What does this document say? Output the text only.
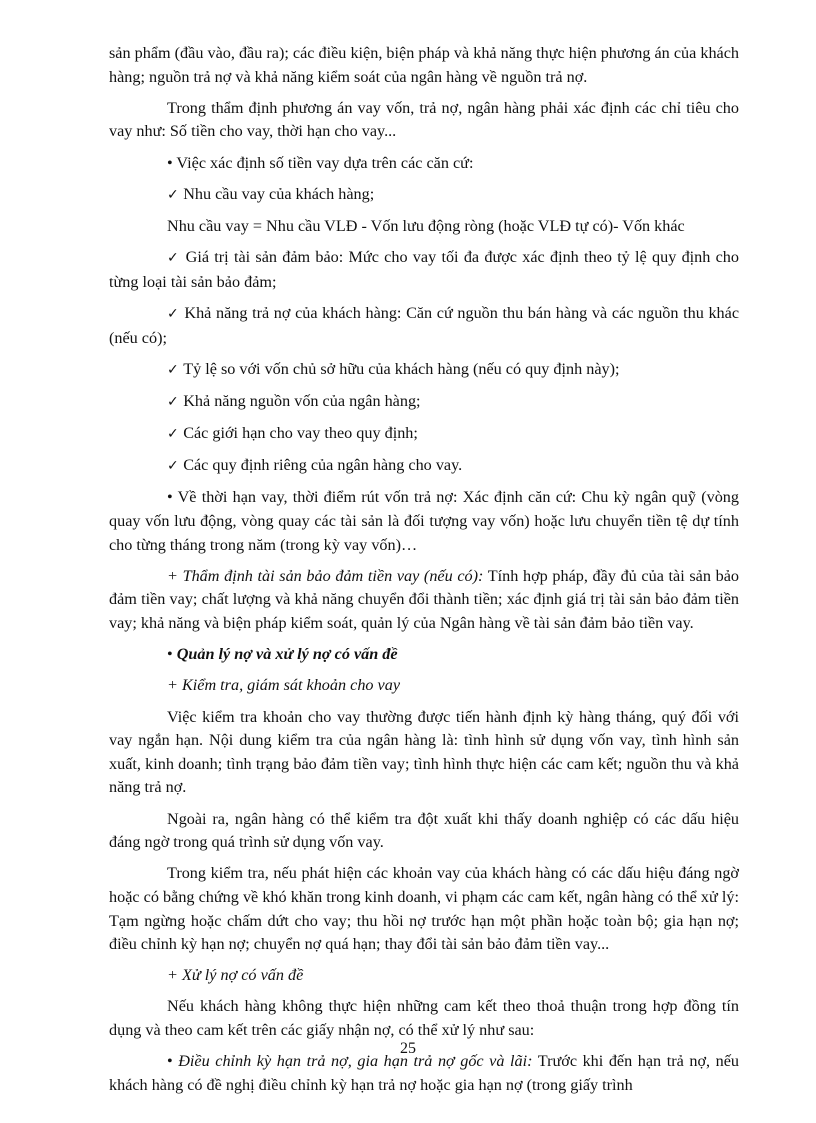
sản phẩm (đầu vào, đầu ra); các điều kiện, biện pháp và khả năng thực hiện phương án của khách hàng; nguồn trả nợ và khả năng kiểm soát của ngân hàng về nguồn trả nợ.

Trong thẩm định phương án vay vốn, trả nợ, ngân hàng phải xác định các chỉ tiêu cho vay như: Số tiền cho vay, thời hạn cho vay...

• Việc xác định số tiền vay dựa trên các căn cứ:

✓ Nhu cầu vay của khách hàng;

Nhu cầu vay = Nhu cầu VLĐ - Vốn lưu động ròng (hoặc VLĐ tự có)- Vốn khác

✓ Giá trị tài sản đảm bảo: Mức cho vay tối đa được xác định theo tỷ lệ quy định cho từng loại tài sản bảo đảm;

✓ Khả năng trả nợ của khách hàng: Căn cứ nguồn thu bán hàng và các nguồn thu khác (nếu có);

✓ Tỷ lệ so với vốn chủ sở hữu của khách hàng (nếu có quy định này);

✓ Khả năng nguồn vốn của ngân hàng;

✓ Các giới hạn cho vay theo quy định;

✓ Các quy định riêng của ngân hàng cho vay.

• Về thời hạn vay, thời điểm rút vốn trả nợ: Xác định căn cứ: Chu kỳ ngân quỹ (vòng quay vốn lưu động, vòng quay các tài sản là đối tượng vay vốn) hoặc lưu chuyển tiền tệ dự tính cho từng tháng trong năm (trong kỳ vay vốn)…

+ Thẩm định tài sản bảo đảm tiền vay (nếu có): Tính hợp pháp, đầy đủ của tài sản bảo đảm tiền vay; chất lượng và khả năng chuyển đổi thành tiền; xác định giá trị tài sản bảo đảm tiền vay; khả năng và biện pháp kiểm soát, quản lý của Ngân hàng về tài sản đảm bảo tiền vay.

• Quản lý nợ và xử lý nợ có vấn đề

+ Kiểm tra, giám sát khoản cho vay

Việc kiểm tra khoản cho vay thường được tiến hành định kỳ hàng tháng, quý đối với vay ngắn hạn. Nội dung kiểm tra của ngân hàng là: tình hình sử dụng vốn vay, tình hình sản xuất, kinh doanh; tình trạng bảo đảm tiền vay; tình hình thực hiện các cam kết; nguồn thu và khả năng trả nợ.

Ngoài ra, ngân hàng có thể kiểm tra đột xuất khi thấy doanh nghiệp có các dấu hiệu đáng ngờ trong quá trình sử dụng vốn vay.

Trong kiểm tra, nếu phát hiện các khoản vay của khách hàng có các dấu hiệu đáng ngờ hoặc có bằng chứng về khó khăn trong kinh doanh, vi phạm các cam kết, ngân hàng có thể xử lý: Tạm ngừng hoặc chấm dứt cho vay; thu hồi nợ trước hạn một phần hoặc toàn bộ; gia hạn nợ; điều chỉnh kỳ hạn nợ; chuyển nợ quá hạn; thay đổi tài sản bảo đảm tiền vay...

+ Xử lý nợ có vấn đề

Nếu khách hàng không thực hiện những cam kết theo thoả thuận trong hợp đồng tín dụng và theo cam kết trên các giấy nhận nợ, có thể xử lý như sau:

• Điều chỉnh kỳ hạn trả nợ, gia hạn trả nợ gốc và lãi: Trước khi đến hạn trả nợ, nếu khách hàng có đề nghị điều chỉnh kỳ hạn trả nợ hoặc gia hạn nợ (trong giấy trình

25
